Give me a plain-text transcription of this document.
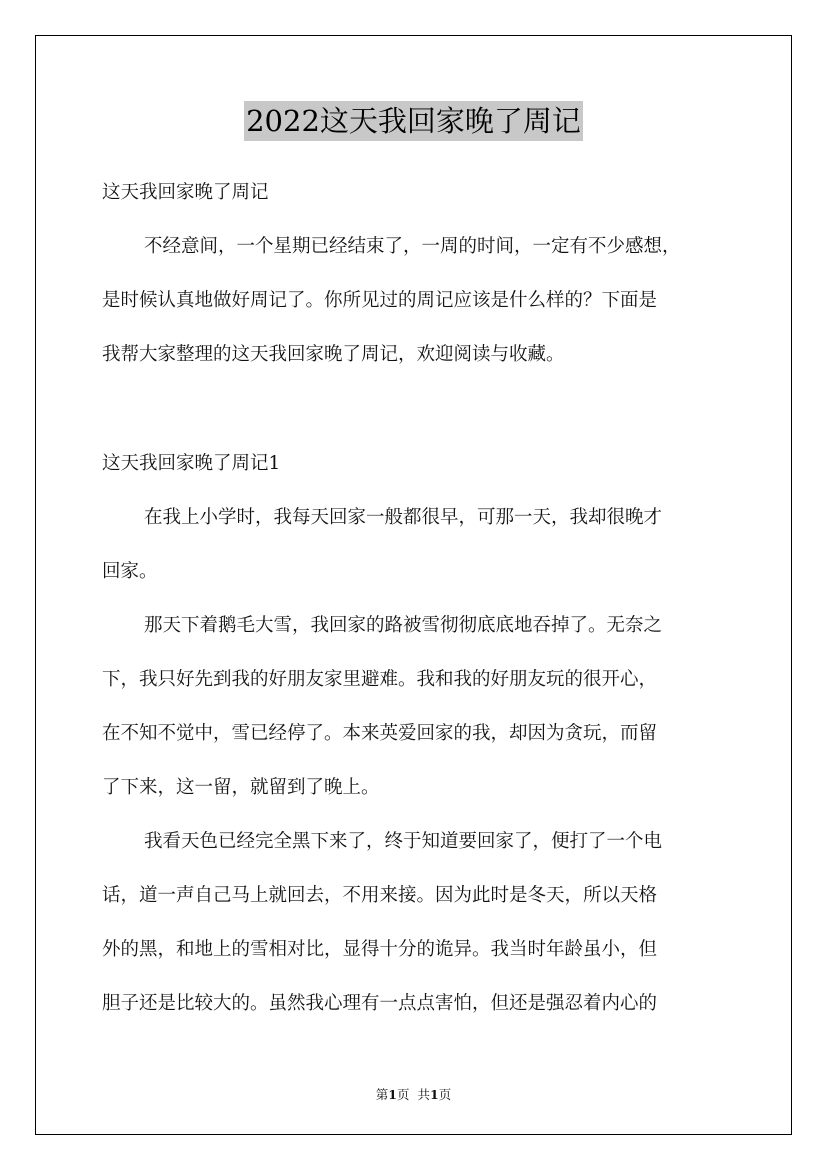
2022这天我回家晚了周记
这天我回家晚了周记
不经意间，一个星期已经结束了，一周的时间，一定有不少感想，
是时候认真地做好周记了。你所见过的周记应该是什么样的？下面是
我帮大家整理的这天我回家晚了周记，欢迎阅读与收藏。
这天我回家晚了周记1
在我上小学时，我每天回家一般都很早，可那一天，我却很晚才
回家。
那天下着鹅毛大雪，我回家的路被雪彻彻底底地吞掉了。无奈之
下，我只好先到我的好朋友家里避难。我和我的好朋友玩的很开心，
在不知不觉中，雪已经停了。本来英爱回家的我，却因为贪玩，而留
了下来，这一留，就留到了晚上。
我看天色已经完全黑下来了，终于知道要回家了，便打了一个电
话，道一声自己马上就回去，不用来接。因为此时是冬天，所以天格
外的黑，和地上的雪相对比，显得十分的诡异。我当时年龄虽小，但
胆子还是比较大的。虽然我心理有一点点害怕，但还是强忍着内心的
第1页 共1页
